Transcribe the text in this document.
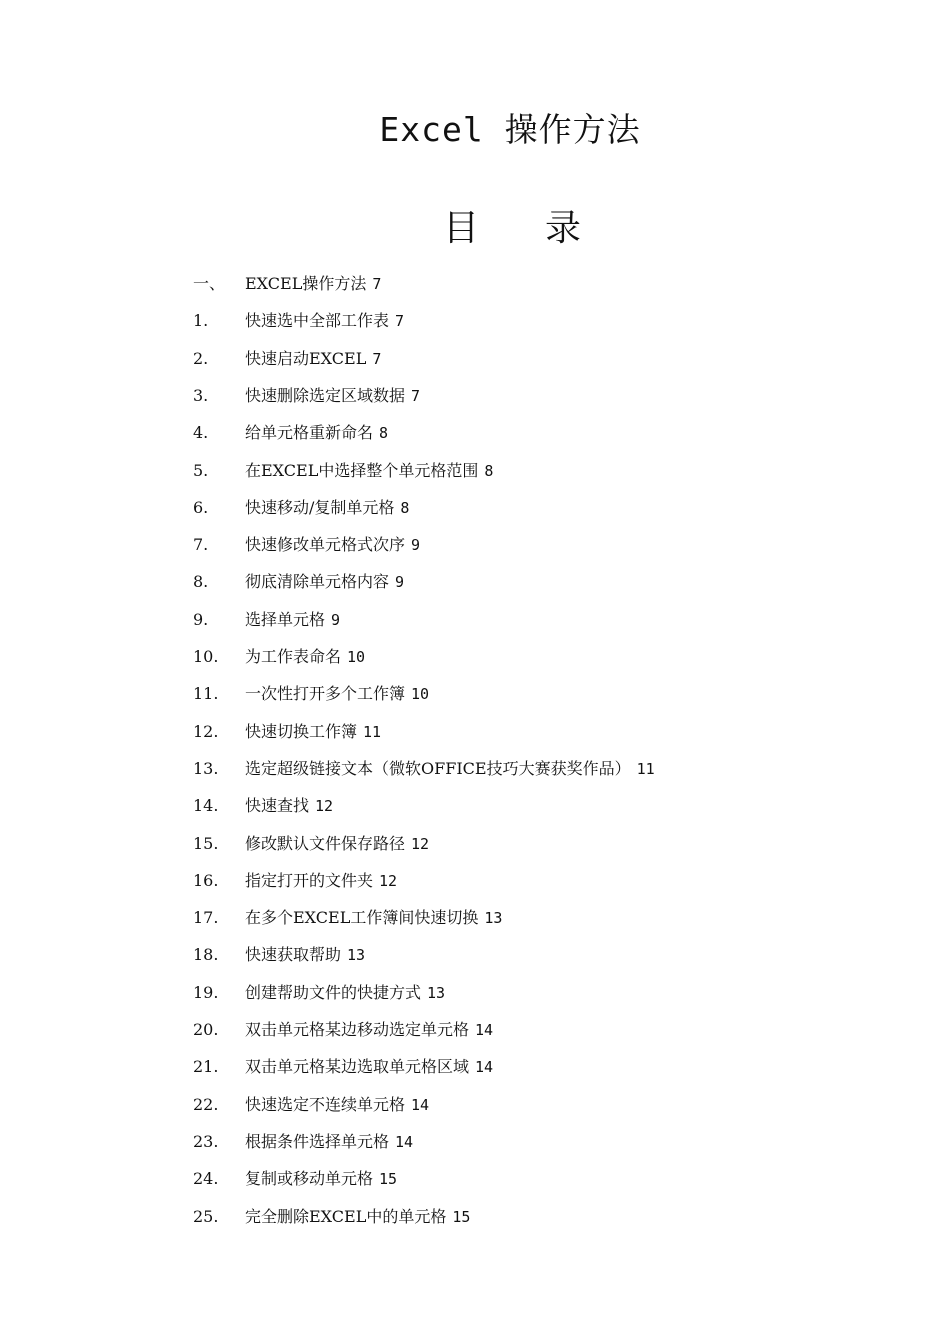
Excel 操作方法
目 录
一、 EXCEL操作方法 7
1. 快速选中全部工作表 7
2. 快速启动EXCEL 7
3. 快速删除选定区域数据 7
4. 给单元格重新命名 8
5. 在EXCEL中选择整个单元格范围 8
6. 快速移动/复制单元格 8
7. 快速修改单元格式次序 9
8. 彻底清除单元格内容 9
9. 选择单元格 9
10. 为工作表命名 10
11. 一次性打开多个工作簿 10
12. 快速切换工作簿 11
13. 选定超级链接文本（微软OFFICE技巧大赛获奖作品） 11
14. 快速查找 12
15. 修改默认文件保存路径 12
16. 指定打开的文件夹 12
17. 在多个EXCEL工作簿间快速切换 13
18. 快速获取帮助 13
19. 创建帮助文件的快捷方式 13
20. 双击单元格某边移动选定单元格 14
21. 双击单元格某边选取单元格区域 14
22. 快速选定不连续单元格 14
23. 根据条件选择单元格 14
24. 复制或移动单元格 15
25. 完全删除EXCEL中的单元格 15
